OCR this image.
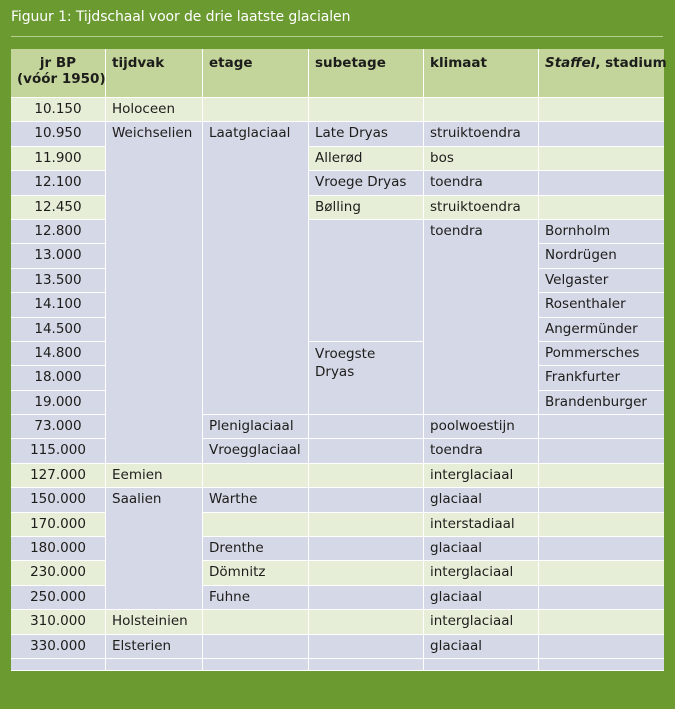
Figuur 1: Tijdschaal voor de drie laatste glacialen
jr BP
(vóór 1950)	tijdvak	etage	subetage	klimaat	Staffel, stadium
10.150	Holoceen				
10.950	Weichselien	Laatglaciaal	Late Dryas	struiktoendra	
11.900			Allerød	bos	
12.100			Vroege Dryas	toendra	
12.450			Bølling	struiktoendra	
12.800				toendra	Bornholm
13.000					Nordrügen
13.500					Velgaster
14.100					Rosenthaler
14.500					Angermünder
14.800			Vroegste Dryas		Pommersches
18.000					Frankfurter
19.000					Brandenburger
73.000		Pleniglaciaal		poolwoestijn	
115.000		Vroegglaciaal		toendra	
127.000	Eemien			interglaciaal	
150.000	Saalien	Warthe		glaciaal	
170.000				interstadiaal	
180.000		Drenthe		glaciaal	
230.000		Dömnitz		interglaciaal	
250.000		Fuhne		glaciaal	
310.000	Holsteinien			interglaciaal	
330.000	Elsterien			glaciaal	
